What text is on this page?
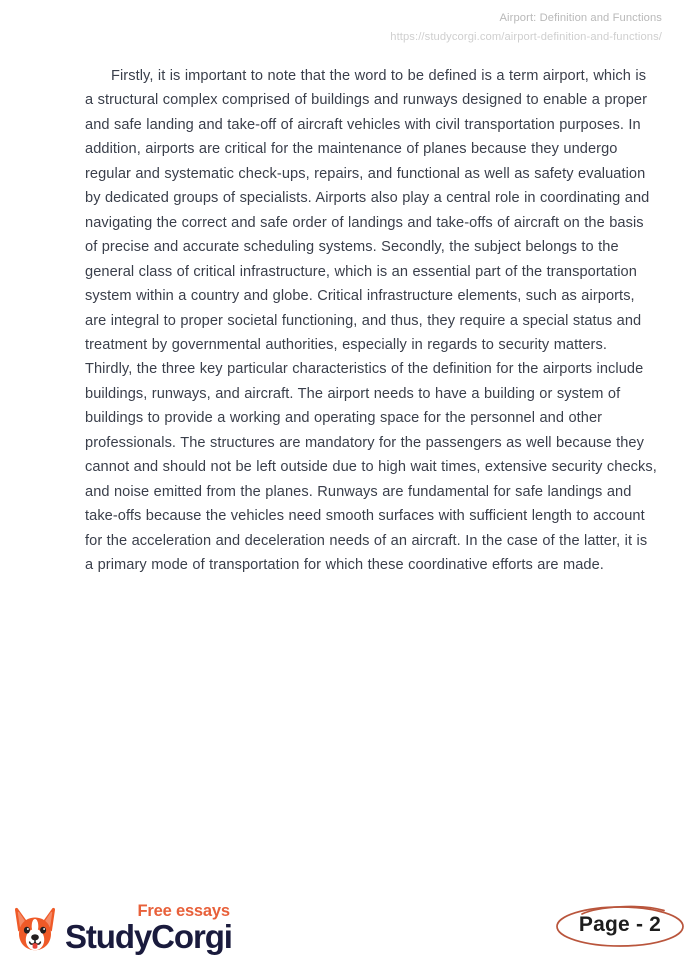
Airport: Definition and Functions
https://studycorgi.com/airport-definition-and-functions/

Firstly, it is important to note that the word to be defined is a term airport, which is a structural complex comprised of buildings and runways designed to enable a proper and safe landing and take-off of aircraft vehicles with civil transportation purposes. In addition, airports are critical for the maintenance of planes because they undergo regular and systematic check-ups, repairs, and functional as well as safety evaluation by dedicated groups of specialists. Airports also play a central role in coordinating and navigating the correct and safe order of landings and take-offs of aircraft on the basis of precise and accurate scheduling systems. Secondly, the subject belongs to the general class of critical infrastructure, which is an essential part of the transportation system within a country and globe. Critical infrastructure elements, such as airports, are integral to proper societal functioning, and thus, they require a special status and treatment by governmental authorities, especially in regards to security matters. Thirdly, the three key particular characteristics of the definition for the airports include buildings, runways, and aircraft. The airport needs to have a building or system of buildings to provide a working and operating space for the personnel and other professionals. The structures are mandatory for the passengers as well because they cannot and should not be left outside due to high wait times, extensive security checks, and noise emitted from the planes. Runways are fundamental for safe landings and take-offs because the vehicles need smooth surfaces with sufficient length to account for the acceleration and deceleration needs of an aircraft. In the case of the latter, it is a primary mode of transportation for which these coordinative efforts are made.

Free essays
StudyCorgi	Page - 2
